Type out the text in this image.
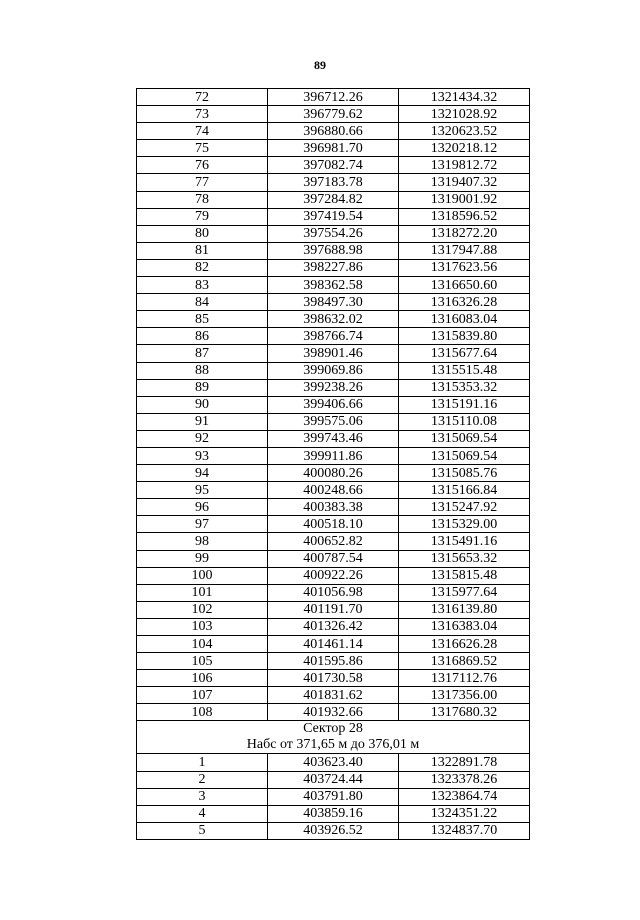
89
72	396712.26	1321434.32
73	396779.62	1321028.92
74	396880.66	1320623.52
75	396981.70	1320218.12
76	397082.74	1319812.72
77	397183.78	1319407.32
78	397284.82	1319001.92
79	397419.54	1318596.52
80	397554.26	1318272.20
81	397688.98	1317947.88
82	398227.86	1317623.56
83	398362.58	1316650.60
84	398497.30	1316326.28
85	398632.02	1316083.04
86	398766.74	1315839.80
87	398901.46	1315677.64
88	399069.86	1315515.48
89	399238.26	1315353.32
90	399406.66	1315191.16
91	399575.06	1315110.08
92	399743.46	1315069.54
93	399911.86	1315069.54
94	400080.26	1315085.76
95	400248.66	1315166.84
96	400383.38	1315247.92
97	400518.10	1315329.00
98	400652.82	1315491.16
99	400787.54	1315653.32
100	400922.26	1315815.48
101	401056.98	1315977.64
102	401191.70	1316139.80
103	401326.42	1316383.04
104	401461.14	1316626.28
105	401595.86	1316869.52
106	401730.58	1317112.76
107	401831.62	1317356.00
108	401932.66	1317680.32

Сектор 28
Набс от 371,65 м до 376,01 м		

1	403623.40	1322891.78
2	403724.44	1323378.26
3	403791.80	1323864.74
4	403859.16	1324351.22
5	403926.52	1324837.70
